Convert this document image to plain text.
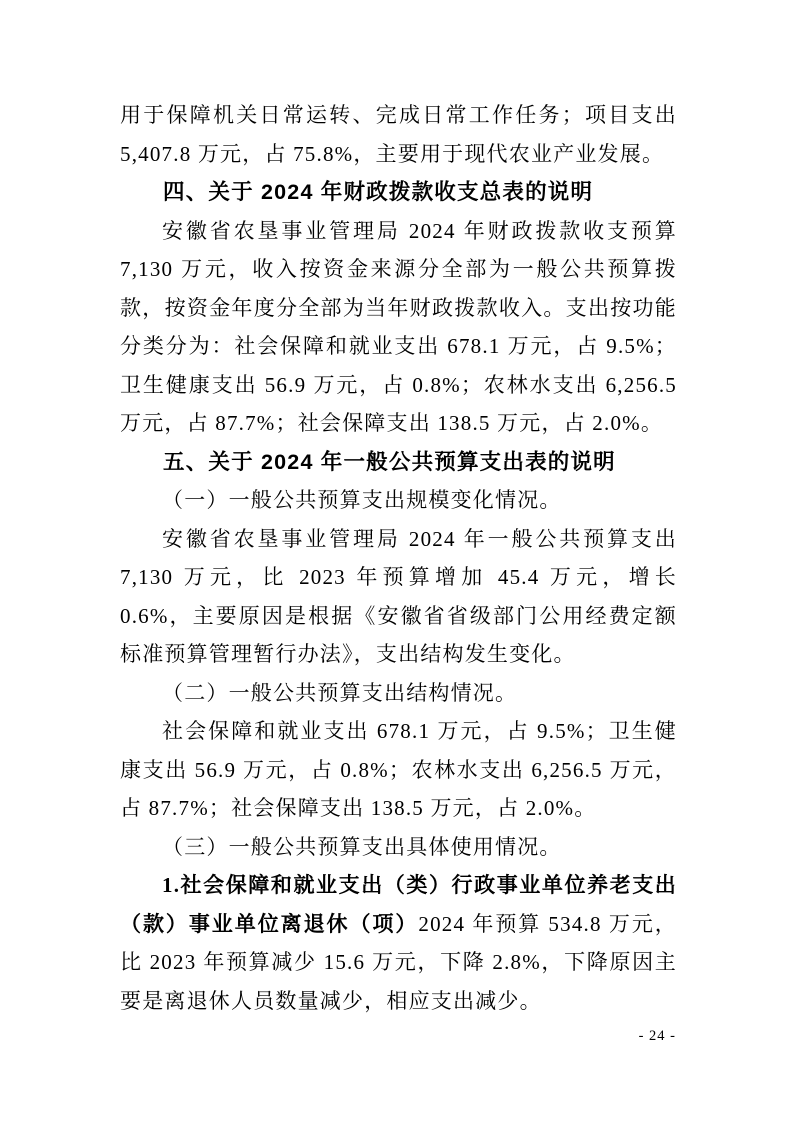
用于保障机关日常运转、完成日常工作任务；项目支出 5,407.8 万元，占 75.8%，主要用于现代农业产业发展。

四、关于 2024 年财政拨款收支总表的说明

安徽省农垦事业管理局 2024 年财政拨款收支预算 7,130 万元，收入按资金来源分全部为一般公共预算拨款，按资金年度分全部为当年财政拨款收入。支出按功能分类分为：社会保障和就业支出 678.1 万元，占 9.5%；卫生健康支出 56.9 万元，占 0.8%；农林水支出 6,256.5 万元，占 87.7%；社会保障支出 138.5 万元，占 2.0%。

五、关于 2024 年一般公共预算支出表的说明

（一）一般公共预算支出规模变化情况。

安徽省农垦事业管理局 2024 年一般公共预算支出 7,130 万元，比 2023 年预算增加 45.4 万元，增长 0.6%，主要原因是根据《安徽省省级部门公用经费定额标准预算管理暂行办法》，支出结构发生变化。

（二）一般公共预算支出结构情况。

社会保障和就业支出 678.1 万元，占 9.5%；卫生健康支出 56.9 万元，占 0.8%；农林水支出 6,256.5 万元，占 87.7%；社会保障支出 138.5 万元，占 2.0%。

（三）一般公共预算支出具体使用情况。

1.社会保障和就业支出（类）行政事业单位养老支出（款）事业单位离退休（项）2024 年预算 534.8 万元，比 2023 年预算减少 15.6 万元，下降 2.8%，下降原因主要是离退休人员数量减少，相应支出减少。

- 24 -
